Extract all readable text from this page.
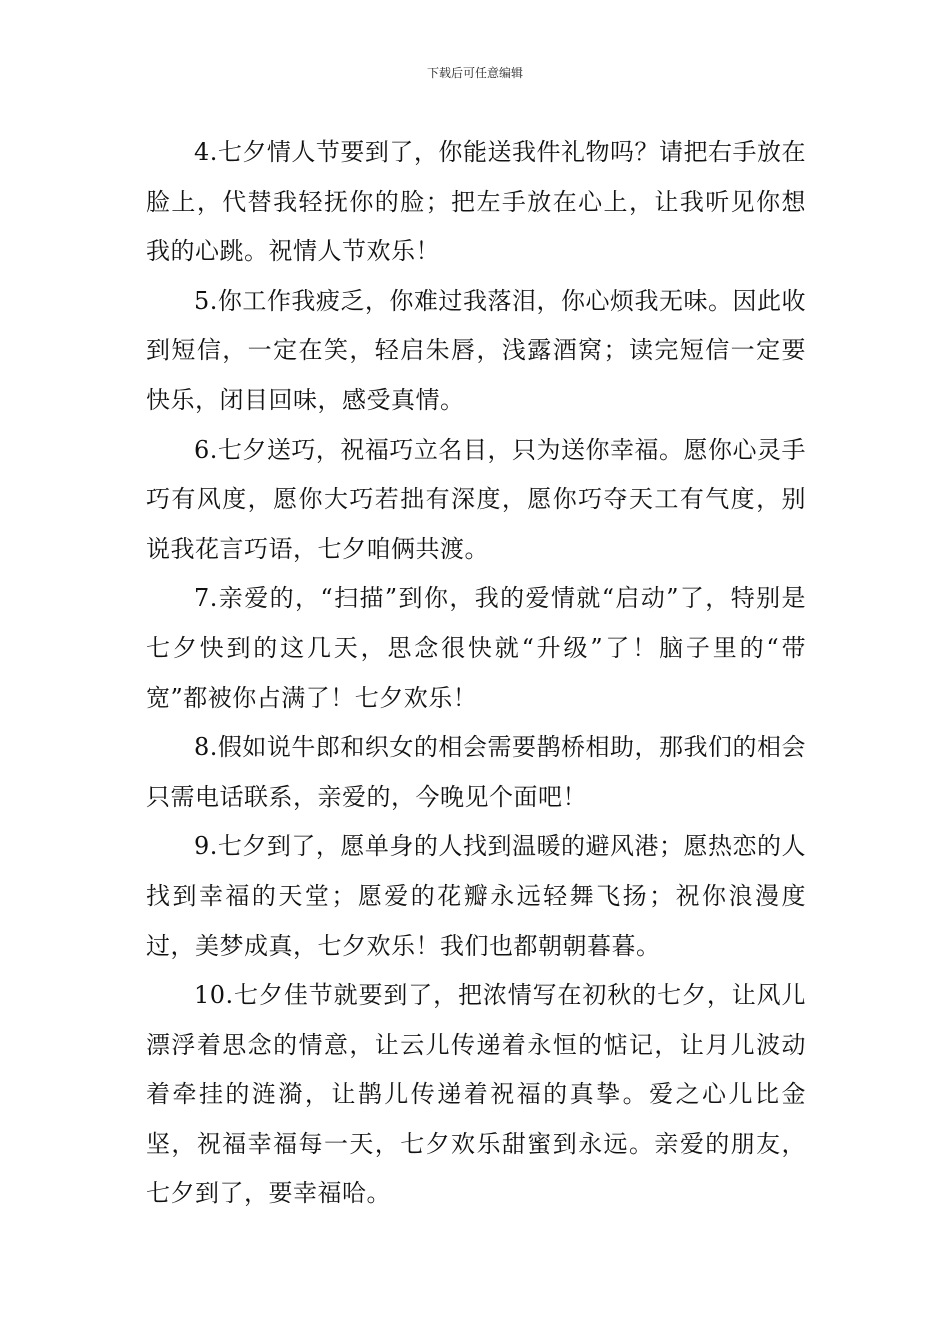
下载后可任意编辑

4.七夕情人节要到了，你能送我件礼物吗？请把右手放在脸上，代替我轻抚你的脸；把左手放在心上，让我听见你想我的心跳。祝情人节欢乐！

5.你工作我疲乏，你难过我落泪，你心烦我无味。因此收到短信，一定在笑，轻启朱唇，浅露酒窝；读完短信一定要快乐，闭目回味，感受真情。

6.七夕送巧，祝福巧立名目，只为送你幸福。愿你心灵手巧有风度，愿你大巧若拙有深度，愿你巧夺天工有气度，别说我花言巧语，七夕咱俩共渡。

7.亲爱的，“扫描”到你，我的爱情就“启动”了，特别是七夕快到的这几天，思念很快就“升级”了！脑子里的“带宽”都被你占满了！七夕欢乐！

8.假如说牛郎和织女的相会需要鹊桥相助，那我们的相会只需电话联系，亲爱的，今晚见个面吧！

9.七夕到了，愿单身的人找到温暖的避风港；愿热恋的人找到幸福的天堂；愿爱的花瓣永远轻舞飞扬；祝你浪漫度过，美梦成真，七夕欢乐！我们也都朝朝暮暮。

10.七夕佳节就要到了，把浓情写在初秋的七夕，让风儿漂浮着思念的情意，让云儿传递着永恒的惦记，让月儿波动着牵挂的涟漪，让鹊儿传递着祝福的真挚。爱之心儿比金坚，祝福幸福每一天，七夕欢乐甜蜜到永远。亲爱的朋友，七夕到了，要幸福哈。
